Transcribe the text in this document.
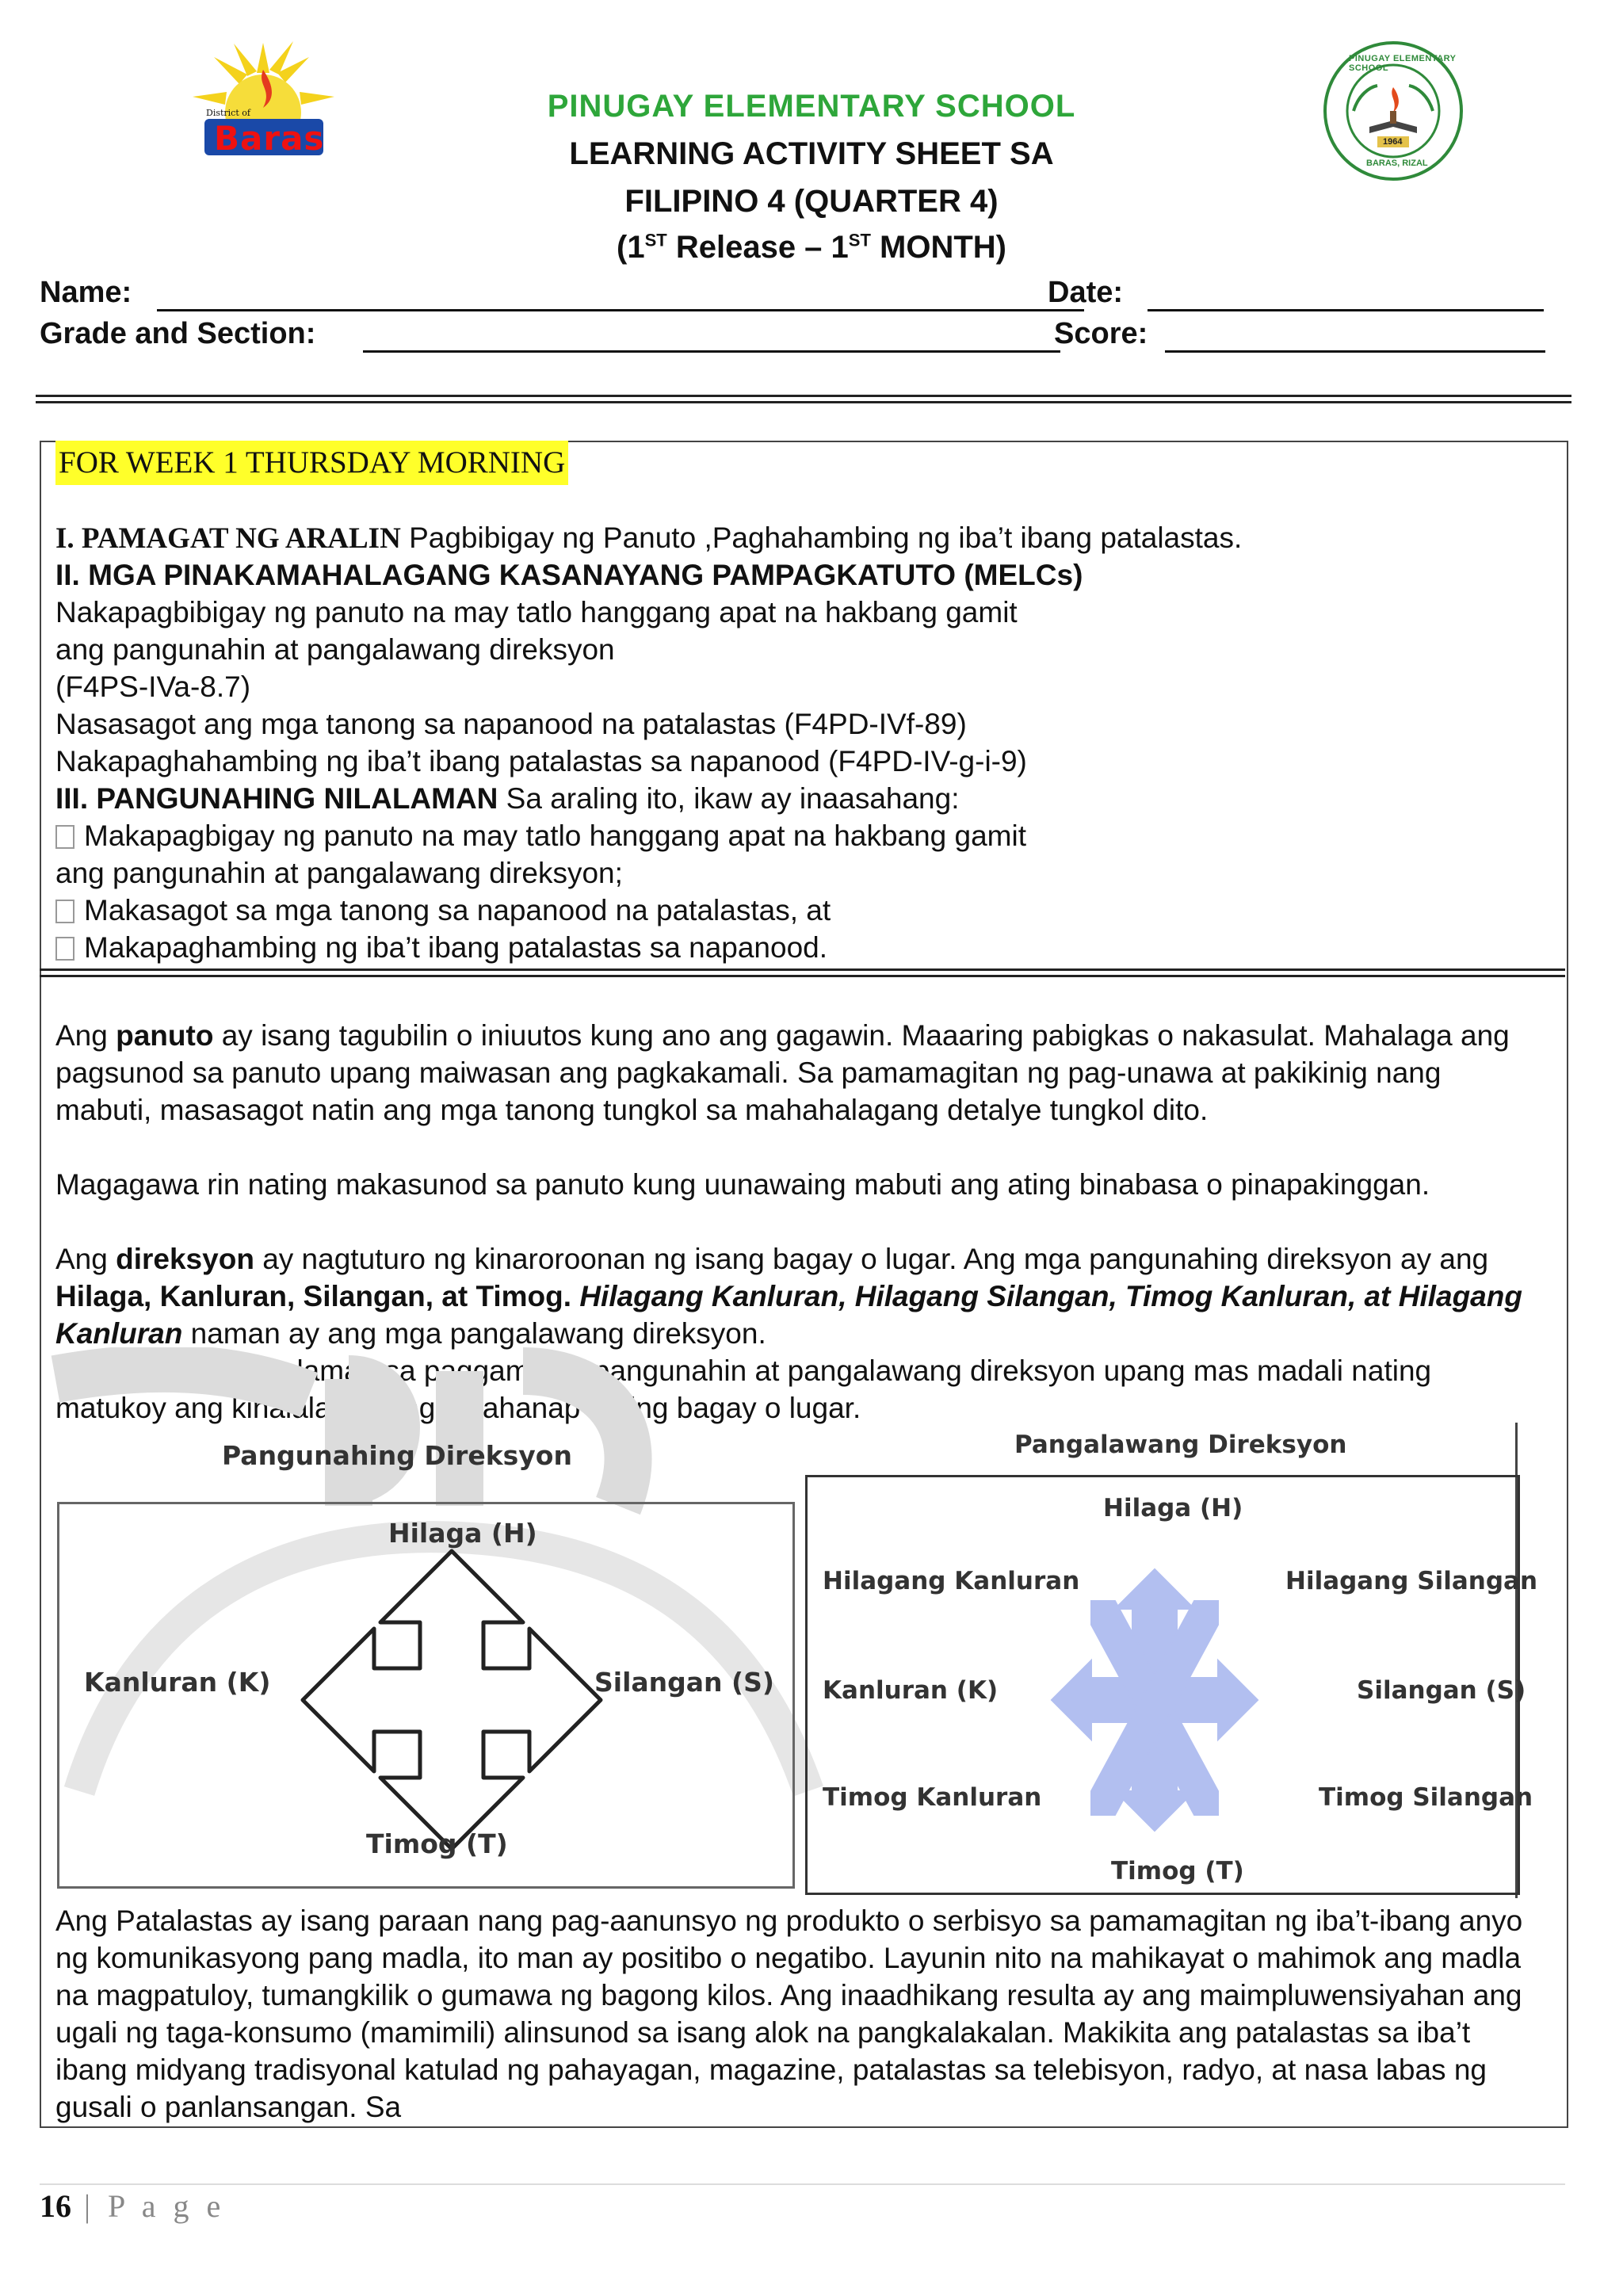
District of
Baras
PINUGAY ELEMENTARY SCHOOL
1964
BARAS, RIZAL
PINUGAY ELEMENTARY SCHOOL
LEARNING ACTIVITY SHEET SA
FILIPINO 4 (QUARTER 4)
(1ST Release – 1ST MONTH)
Name:	Date:
Grade and Section:	Score:
FOR WEEK 1 THURSDAY MORNING
I. PAMAGAT NG ARALIN Pagbibigay ng Panuto ,Paghahambing ng iba’t ibang patalastas.
II. MGA PINAKAMAHALAGANG KASANAYANG PAMPAGKATUTO (MELCs)
Nakapagbibigay ng panuto na may tatlo hanggang apat na hakbang gamit
ang pangunahin at pangalawang direksyon
(F4PS-IVa-8.7)
Nasasagot ang mga tanong sa napanood na patalastas (F4PD-IVf-89)
Nakapaghahambing ng iba’t ibang patalastas sa napanood (F4PD-IV-g-i-9)
III. PANGUNAHING NILALAMAN Sa araling ito, ikaw ay inaasahang:
Makapagbigay ng panuto na may tatlo hanggang apat na hakbang gamit
ang pangunahin at pangalawang direksyon;
Makasagot sa mga tanong sa napanood na patalastas, at
Makapaghambing ng iba’t ibang patalastas sa napanood.
Ang panuto ay isang tagubilin o iniuutos kung ano ang gagawin. Maaaring pabigkas o nakasulat. Mahalaga ang pagsunod sa panuto upang maiwasan ang pagkakamali. Sa pamamagitan ng pag-unawa at pakikinig nang mabuti, masasagot natin ang mga tanong tungkol sa mahahalagang detalye tungkol dito.
Magagawa rin nating makasunod sa panuto kung uunawaing mabuti ang ating binabasa o pinapakinggan.
Ang direksyon ay nagtuturo ng kinaroroonan ng isang bagay o lugar. Ang mga pangunahing direksyon ay ang Hilaga, Kanluran, Silangan, at Timog. Hilagang Kanluran, Hilagang Silangan, Timog Kanluran, at Hilagang Kanluran naman ay ang mga pangalawang direksyon.
Mahalaga ang kaalaman sa paggamit ng pangunahin at pangalawang direksyon upang mas madali nating matukoy ang kinalalagyan ng hinahanap nating bagay o lugar.
Pangunahing Direksyon
Hilaga (H)
Kanluran (K)	Silangan (S)
Timog (T)
Pangalawang Direksyon
Hilaga (H)
Hilagang Kanluran	Hilagang Silangan
Kanluran (K)	Silangan (S)
Timog Kanluran	Timog Silangan
Timog (T)
Ang Patalastas ay isang paraan nang pag-aanunsyo ng produkto o serbisyo sa pamamagitan ng iba’t-ibang anyo ng komunikasyong pang madla, ito man ay positibo o negatibo. Layunin nito na mahikayat o mahimok ang madla na magpatuloy, tumangkilik o gumawa ng bagong kilos. Ang inaadhikang resulta ay ang maimpluwensiyahan ang ugali ng taga-konsumo (mamimili) alinsunod sa isang alok na pangkalakalan. Makikita ang patalastas sa iba’t ibang midyang tradisyonal katulad ng pahayagan, magazine, patalastas sa telebisyon, radyo, at nasa labas ng gusali o panlansangan. Sa
16 | P a g e
